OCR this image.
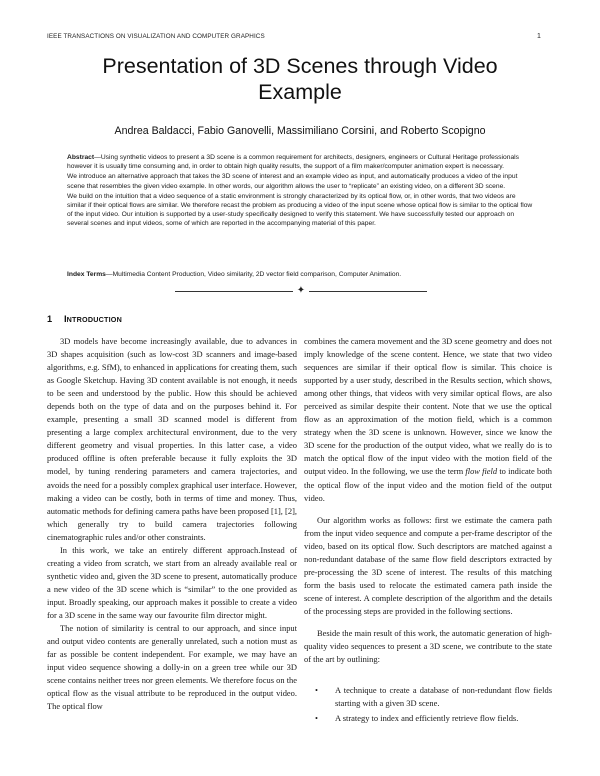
IEEE TRANSACTIONS ON VISUALIZATION AND COMPUTER GRAPHICS	1
Presentation of 3D Scenes through Video
Example
Andrea Baldacci, Fabio Ganovelli, Massimiliano Corsini, and Roberto Scopigno

Abstract—Using synthetic videos to present a 3D scene is a common requirement for architects, designers, engineers or Cultural Heritage professionals however it is usually time consuming and, in order to obtain high quality results, the support of a film maker/computer animation expert is necessary.

We introduce an alternative approach that takes the 3D scene of interest and an example video as input, and automatically produces a video of the input scene that resembles the given video example. In other words, our algorithm allows the user to “replicate” an existing video, on a different 3D scene.

We build on the intuition that a video sequence of a static environment is strongly characterized by its optical flow, or, in other words, that two videos are similar if their optical flows are similar. We therefore recast the problem as producing a video of the input scene whose optical flow is similar to the optical flow of the input video. Our intuition is supported by a user-study specifically designed to verify this statement. We have successfully tested our approach on several scenes and input videos, some of which are reported in the accompanying material of this paper.

Index Terms—Multimedia Content Production, Video similarity, 2D vector field comparison, Computer Animation.
✦
1 INTRODUCTION

3D models have become increasingly available, due to advances in 3D shapes acquisition (such as low-cost 3D scanners and image-based algorithms, e.g. SfM), to enhanced in applications for creating them, such as Google Sketchup. Having 3D content available is not enough, it needs to be seen and understood by the public. How this should be achieved depends both on the type of data and on the purposes behind it. For example, presenting a small 3D scanned model is different from presenting a large complex architectural environment, due to the very different geometry and visual properties. In this latter case, a video produced offline is often preferable because it fully exploits the 3D model, by tuning rendering parameters and camera trajectories, and avoids the need for a possibly complex graphical user interface. However, making a video can be costly, both in terms of time and money. Thus, automatic methods for defining camera paths have been proposed [1], [2], which generally try to build camera trajectories following cinematographic rules and/or other constraints.

In this work, we take an entirely different approach.Instead of creating a video from scratch, we start from an already available real or synthetic video and, given the 3D scene to present, automatically produce a new video of the 3D scene which is “similar” to the one provided as input. Broadly speaking, our approach makes it possible to create a video for a 3D scene in the same way our favourite film director might.

The notion of similarity is central to our approach, and since input and output video contents are generally unrelated, such a notion must as far as possible be content independent. For example, we may have an input video sequence showing a dolly-in on a green tree while our 3D scene contains neither trees nor green elements. We therefore focus on the optical flow as the visual attribute to be reproduced in the output video. The optical flow

combines the camera movement and the 3D scene geometry and does not imply knowledge of the scene content. Hence, we state that two video sequences are similar if their optical flow is similar. This choice is supported by a user study, described in the Results section, which shows, among other things, that videos with very similar optical flows, are also perceived as similar despite their content. Note that we use the optical flow as an approximation of the motion field, which is a common strategy when the 3D scene is unknown. However, since we know the 3D scene for the production of the output video, what we really do is to match the optical flow of the input video with the motion field of the output video. In the following, we use the term flow field to indicate both the optical flow of the input video and the motion field of the output video.

Our algorithm works as follows: first we estimate the camera path from the input video sequence and compute a per-frame descriptor of the video, based on its optical flow. Such descriptors are matched against a non-redundant database of the same flow field descriptors extracted by pre-processing the 3D scene of interest. The results of this matching form the basis used to relocate the estimated camera path inside the scene of interest. A complete description of the algorithm and the details of the processing steps are provided in the following sections.

Beside the main result of this work, the automatic generation of high-quality video sequences to present a 3D scene, we contribute to the state of the art by outlining:

• A technique to create a database of non-redundant flow fields starting with a given 3D scene.
• A strategy to index and efficiently retrieve flow fields.
